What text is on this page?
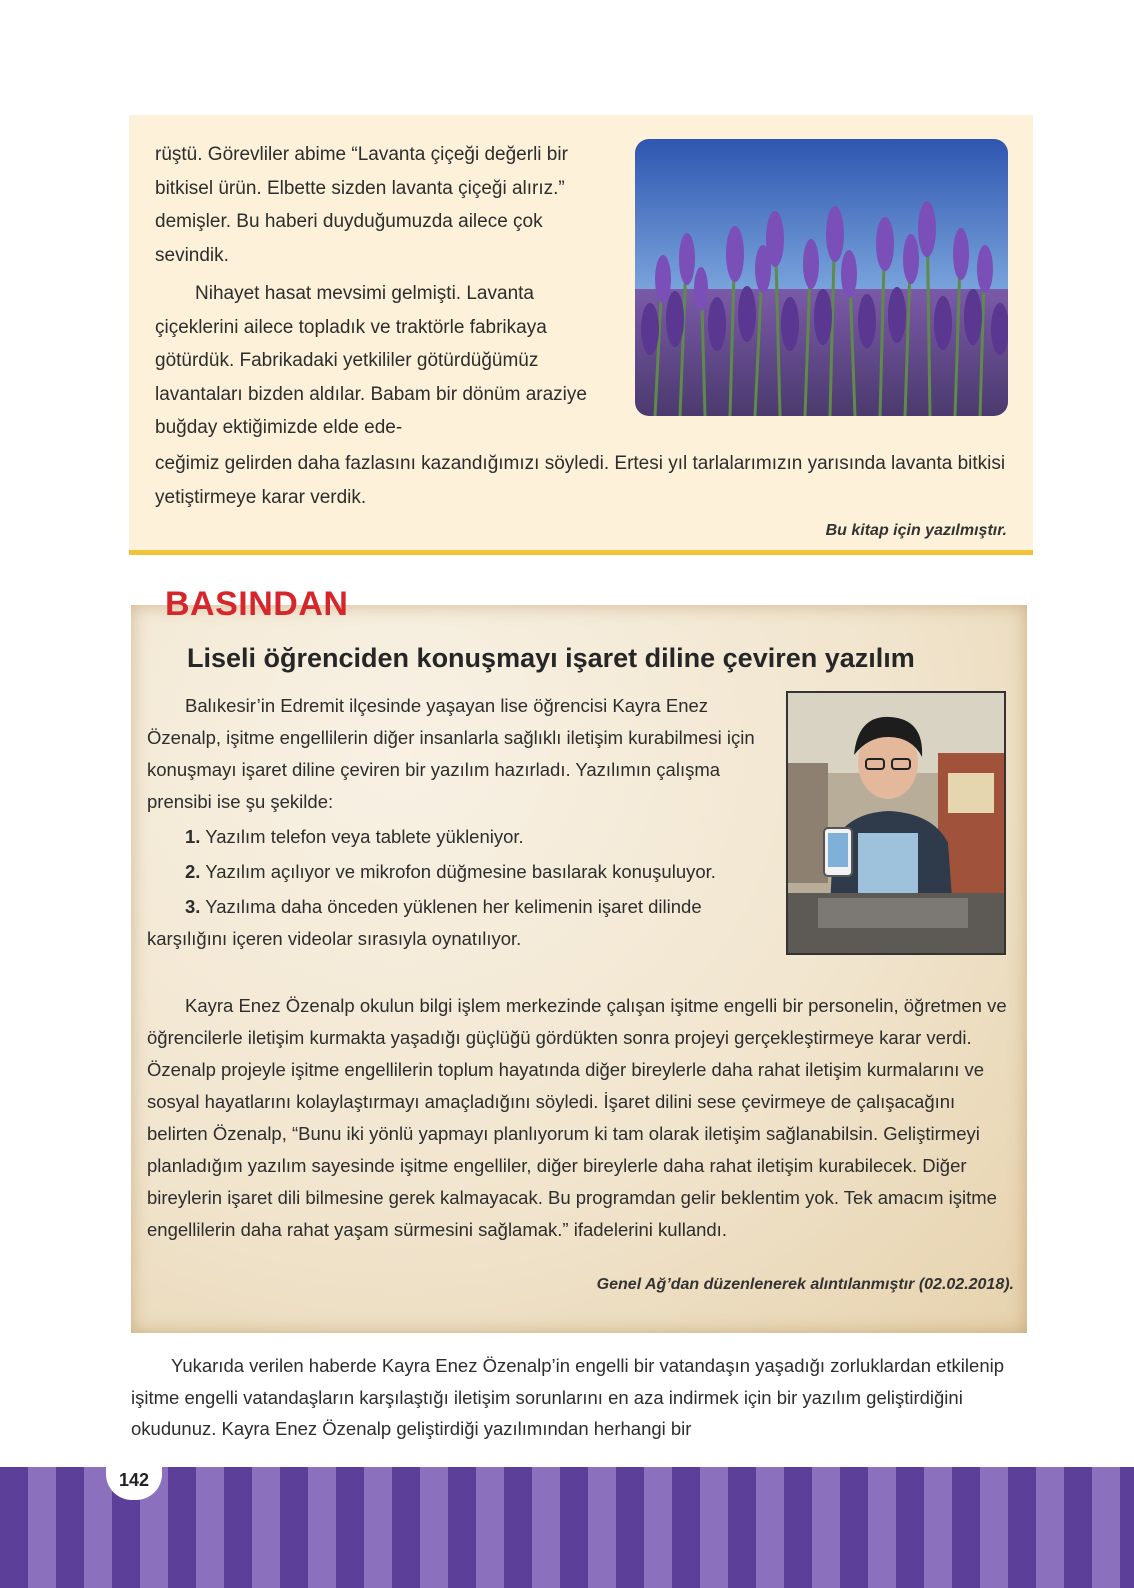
rüştü. Görevliler abime “Lavanta çiçeği değerli bir bitkisel ürün. Elbette sizden lavanta çiçeği alırız.” demişler. Bu haberi duyduğumuzda ailece çok sevindik.

Nihayet hasat mevsimi gelmişti. Lavanta çiçeklerini ailece topladık ve traktörle fabrikaya götürdük. Fabrikadaki yetkililer götürdüğümüz lavantaları bizden aldılar. Babam bir dönüm araziye buğday ektiğimizde elde ede-

ceğimiz gelirden daha fazlasını kazandığımızı söyledi. Ertesi yıl tarlalarımızın yarısında lavanta bitkisi yetiştirmeye karar verdik.
Bu kitap için yazılmıştır.
BASINDAN
Liseli öğrenciden konuşmayı işaret diline çeviren yazılım

Balıkesir’in Edremit ilçesinde yaşayan lise öğrencisi Kayra Enez Özenalp, işitme engellilerin diğer insanlarla sağlıklı iletişim kurabilmesi için konuşmayı işaret diline çeviren bir yazılım hazırladı. Yazılımın çalışma prensibi ise şu şekilde:

1. Yazılım telefon veya tablete yükleniyor.

2. Yazılım açılıyor ve mikrofon düğmesine basılarak konuşuluyor.

3. Yazılıma daha önceden yüklenen her kelimenin işaret dilinde karşılığını içeren videolar sırasıyla oynatılıyor.

Kayra Enez Özenalp okulun bilgi işlem merkezinde çalışan işitme engelli bir personelin, öğretmen ve öğrencilerle iletişim kurmakta yaşadığı güçlüğü gördükten sonra projeyi gerçekleştirmeye karar verdi. Özenalp projeyle işitme engellilerin toplum hayatında diğer bireylerle daha rahat iletişim kurmalarını ve sosyal hayatlarını kolaylaştırmayı amaçladığını söyledi. İşaret dilini sese çevirmeye de çalışacağını belirten Özenalp, “Bunu iki yönlü yapmayı planlıyorum ki tam olarak iletişim sağlanabilsin. Geliştirmeyi planladığım yazılım sayesinde işitme engelliler, diğer bireylerle daha rahat iletişim kurabilecek. Diğer bireylerin işaret dili bilmesine gerek kalmayacak. Bu programdan gelir beklentim yok. Tek amacım işitme engellilerin daha rahat yaşam sürmesini sağlamak.” ifadelerini kullandı.
Genel Ağ’dan düzenlenerek alıntılanmıştır (02.02.2018).
Yukarıda verilen haberde Kayra Enez Özenalp’in engelli bir vatandaşın yaşadığı zorluklardan etkilenip işitme engelli vatandaşların karşılaştığı iletişim sorunlarını en aza indirmek için bir yazılım geliştirdiğini okudunuz. Kayra Enez Özenalp geliştirdiği yazılımından herhangi bir
142
